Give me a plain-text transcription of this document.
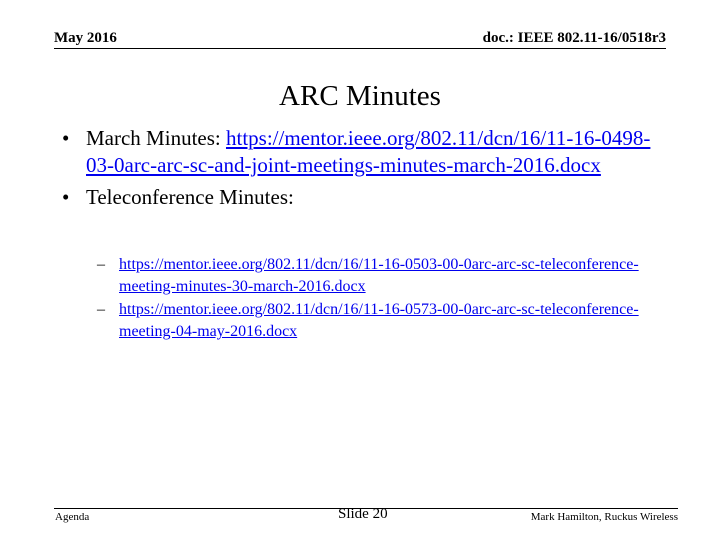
May 2016	doc.: IEEE 802.11-16/0518r3
ARC Minutes
• March Minutes: https://mentor.ieee.org/802.11/dcn/16/11-16-0498-03-0arc-arc-sc-and-joint-meetings-minutes-march-2016.docx
• Teleconference Minutes:
– https://mentor.ieee.org/802.11/dcn/16/11-16-0503-00-0arc-arc-sc-teleconference-meeting-minutes-30-march-2016.docx
– https://mentor.ieee.org/802.11/dcn/16/11-16-0573-00-0arc-arc-sc-teleconference-meeting-04-may-2016.docx
Agenda	Slide 20	Mark Hamilton, Ruckus Wireless
